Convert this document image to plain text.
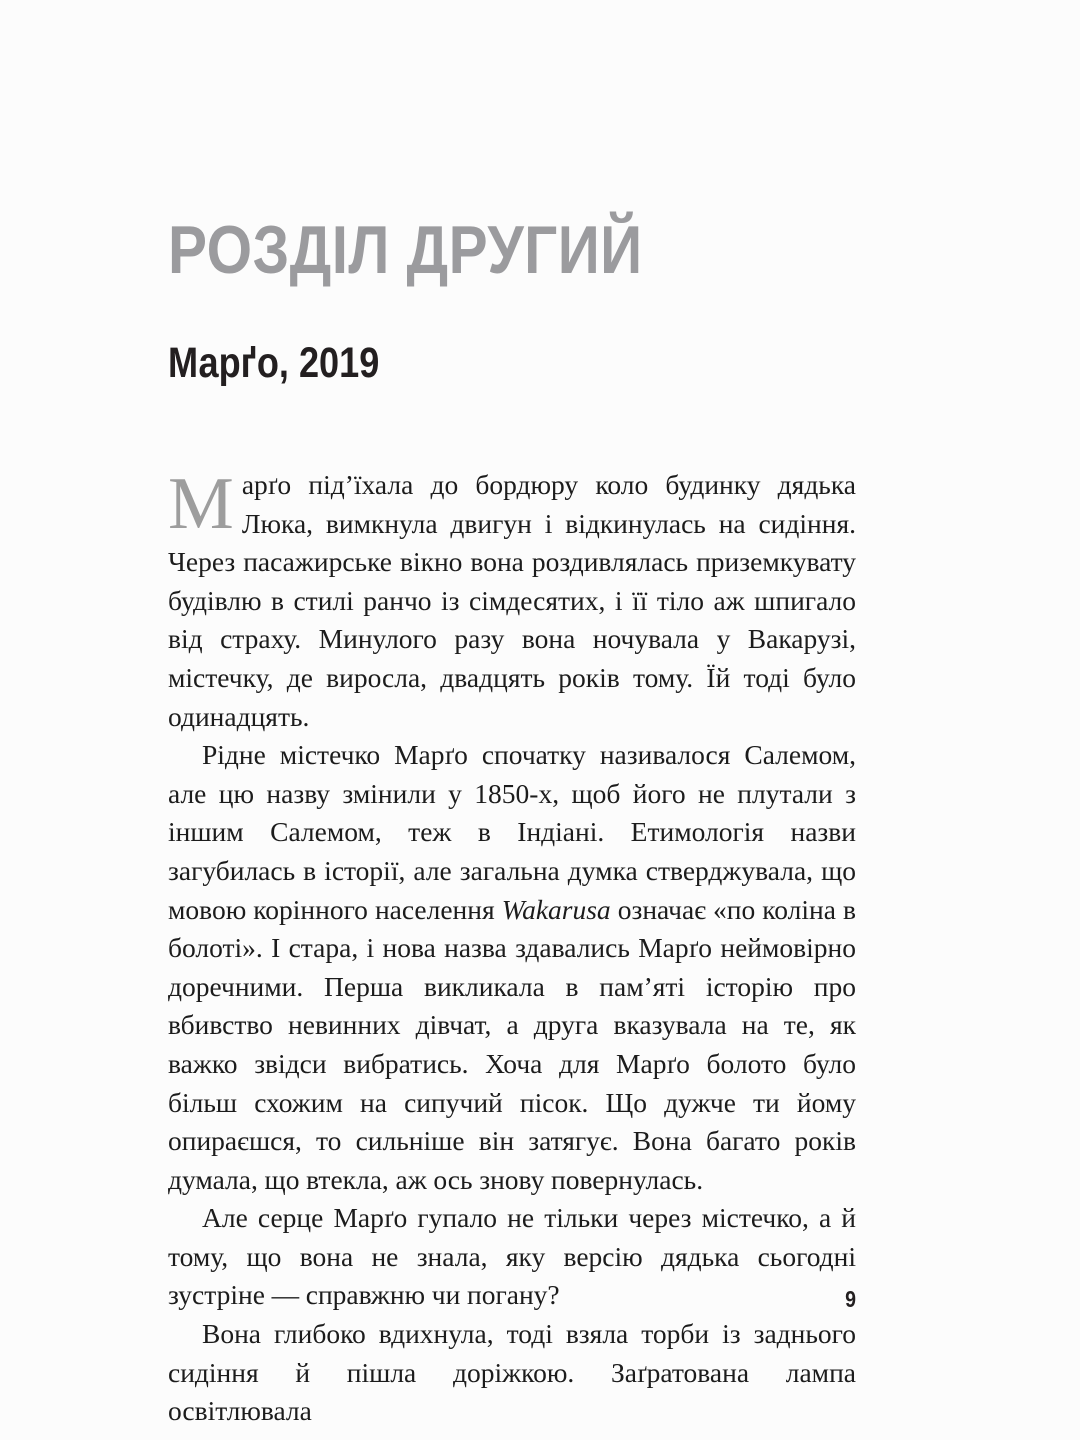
РОЗДІЛ ДРУГИЙ
Марґо, 2019

Mарґо під’їхала до бордюру коло будинку дядька Люка, вимкнула двигун і відкинулась на сидіння. Через пасажирське вікно вона роздивлялась приземкувату будівлю в стилі ранчо із сімдесятих, і її тіло аж шпигало від страху. Минулого разу вона ночувала у Вакарузі, містечку, де виросла, двадцять років тому. Їй тоді було одинадцять.

Рідне містечко Марґо спочатку називалося Салемом, але цю назву змінили у 1850-х, щоб його не плутали з іншим Салемом, теж в Індіані. Етимологія назви загубилась в історії, але загальна думка стверджувала, що мовою корінного населення Wakarusa означає «по коліна в болоті». І стара, і нова назва здавались Марґо неймовірно доречними. Перша викликала в пам’яті історію про вбивство невинних дівчат, а друга вказувала на те, як важко звідси вибратись. Хоча для Марґо болото було більш схожим на сипучий пісок. Що дужче ти йому опираєшся, то сильніше він затягує. Вона багато років думала, що втекла, аж ось знову повернулась.

Але серце Марґо гупало не тільки через містечко, а й тому, що вона не знала, яку версію дядька сьогодні зустріне — справжню чи погану?

Вона глибоко вдихнула, тоді взяла торби із заднього сидіння й пішла доріжкою. Заґратована лампа освітлювала

9
